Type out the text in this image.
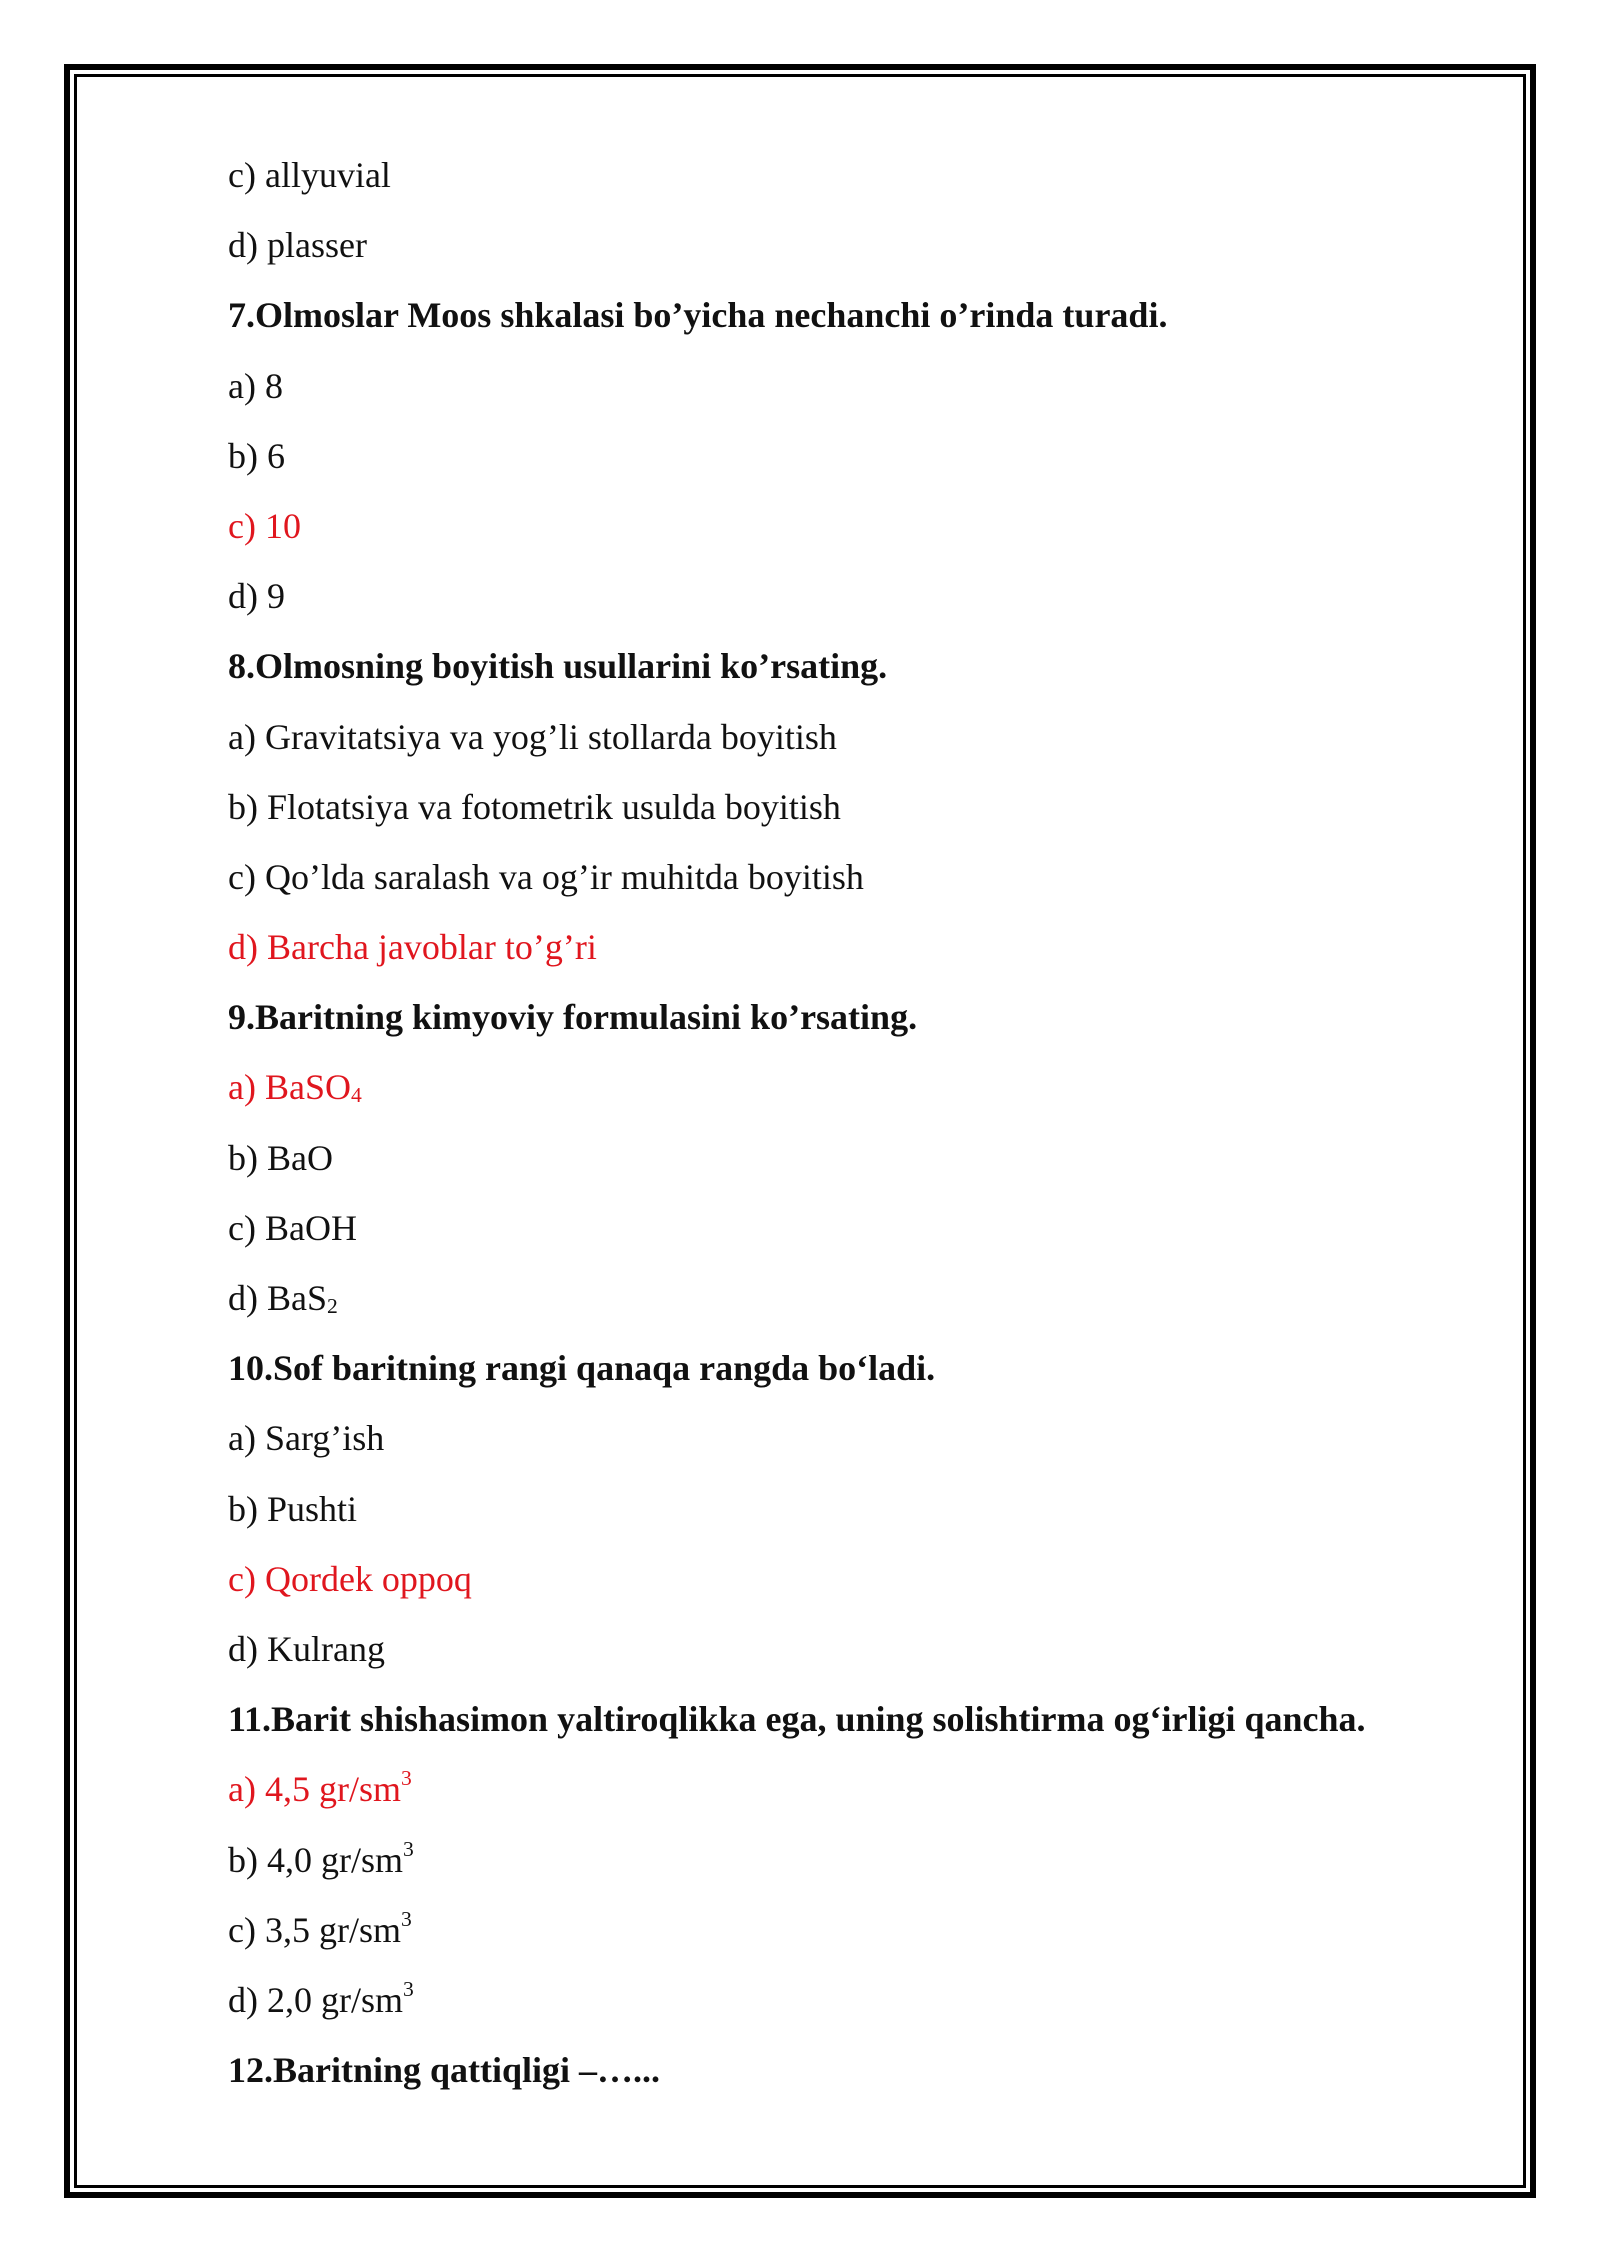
c) allyuvial
d) plasser
7.Olmoslar Moos shkalasi bo’yicha nechanchi o’rinda turadi.
a) 8
b) 6
c) 10
d) 9
8.Olmosning boyitish usullarini ko’rsating.
a) Gravitatsiya va yog’li stollarda boyitish
b) Flotatsiya va fotometrik usulda boyitish
c) Qo’lda saralash va og’ir muhitda boyitish
d) Barcha javoblar to’g’ri
9.Baritning kimyoviy formulasini ko’rsating.
a) BaSO$_4$
b) BaO
c) BaOH
d) BaS$_2$
10.Sof baritning rangi qanaqa rangda bo‘ladi.
a) Sarg’ish
b) Pushti
c) Qordek oppoq
d) Kulrang
11.Barit shishasimon yaltiroqlikka ega, uning solishtirma og‘irligi qancha.
a) 4,5 $gr/sm^3$
b) 4,0 $gr/sm^3$
c) 3,5 $gr/sm^3$
d) 2,0 $gr/sm^3$
12.Baritning qattiqligi –…...
